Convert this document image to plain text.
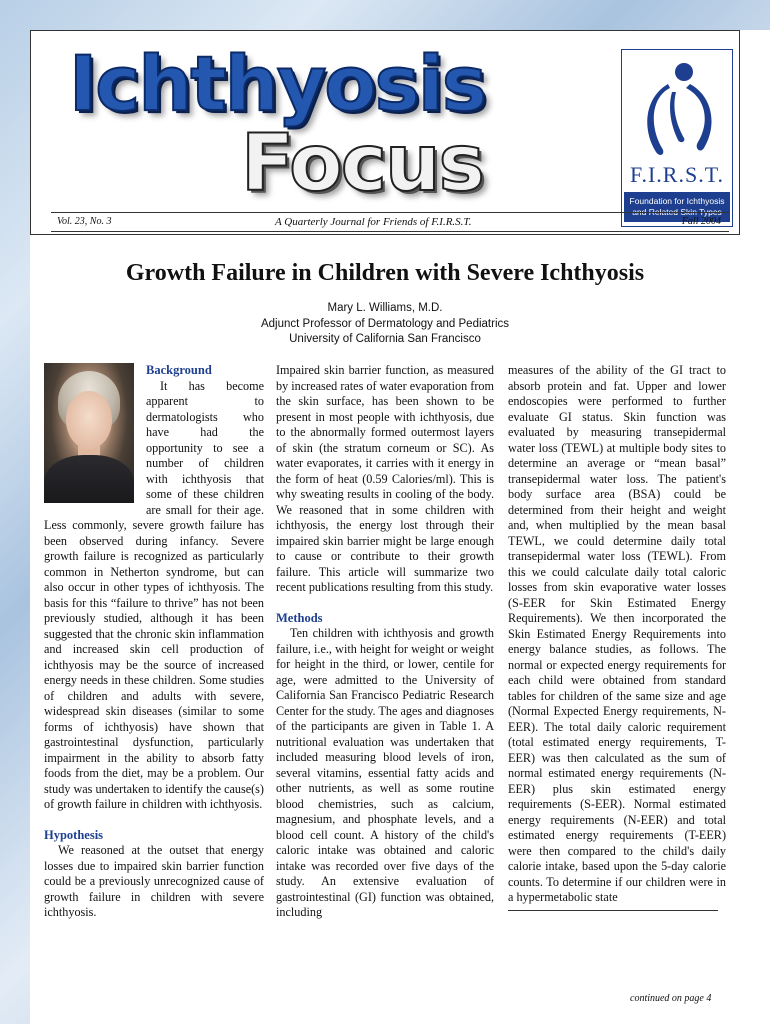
Ichthyosis
Focus	F.I.R.S.T.
Foundation for Ichthyosis
and Related Skin Types
Vol. 23, No. 3	A Quarterly Journal for Friends of F.I.R.S.T.	Fall 2004
Growth Failure in Children with Severe Ichthyosis
Mary L. Williams, M.D.
Adjunct Professor of Dermatology and Pediatrics
University of California San Francisco
Background

It has become apparent to dermatologists who have had the opportunity to see a number of children with ichthyosis that some of these children are small for their age. Less commonly, severe growth failure has been observed during infancy. Severe growth failure is recognized as particularly common in Netherton syndrome, but can also occur in other types of ichthyosis. The basis for this “failure to thrive” has not been previously studied, although it has been suggested that the chronic skin inflammation and increased skin cell production of ichthyosis may be the source of increased energy needs in these children. Some studies of children and adults with severe, widespread skin diseases (similar to some forms of ichthyosis) have shown that gastrointestinal dysfunction, particularly impairment in the ability to absorb fatty foods from the diet, may be a problem. Our study was undertaken to identify the cause(s) of growth failure in children with ichthyosis.

Hypothesis

We reasoned at the outset that energy losses due to impaired skin barrier function could be a previously unrecognized cause of growth failure in children with severe ichthyosis.

Impaired skin barrier function, as measured by increased rates of water evaporation from the skin surface, has been shown to be present in most people with ichthyosis, due to the abnormally formed outermost layers of skin (the stratum corneum or SC). As water evaporates, it carries with it energy in the form of heat (0.59 Calories/ml). This is why sweating results in cooling of the body. We reasoned that in some children with ichthyosis, the energy lost through their impaired skin barrier might be large enough to cause or contribute to their growth failure. This article will summarize two recent publications resulting from this study.

Methods

Ten children with ichthyosis and growth failure, i.e., with height for weight or weight for height in the third, or lower, centile for age, were admitted to the University of California San Francisco Pediatric Research Center for the study. The ages and diagnoses of the participants are given in Table 1. A nutritional evaluation was undertaken that included measuring blood levels of iron, several vitamins, essential fatty acids and other nutrients, as well as some routine blood chemistries, such as calcium, magnesium, and phosphate levels, and a blood cell count. A history of the child's caloric intake was obtained and caloric intake was recorded over five days of the study. An extensive evaluation of gastrointestinal (GI) function was obtained, including

measures of the ability of the GI tract to absorb protein and fat. Upper and lower endoscopies were performed to further evaluate GI status. Skin function was evaluated by measuring transepidermal water loss (TEWL) at multiple body sites to determine an average or “mean basal” transepidermal water loss. The patient's body surface area (BSA) could be determined from their height and weight and, when multiplied by the mean basal TEWL, we could determine daily total transepidermal water loss (TEWL). From this we could calculate daily total caloric losses from skin evaporative water losses (S-EER for Skin Estimated Energy Requirements). We then incorporated the Skin Estimated Energy Requirements into energy balance studies, as follows. The normal or expected energy requirements for each child were obtained from standard tables for children of the same size and age (Normal Expected Energy requirements, N-EER). The total daily caloric requirement (total estimated energy requirements, T-EER) was then calculated as the sum of normal estimated energy requirements (N-EER) plus skin estimated energy requirements (S-EER). Normal estimated energy requirements (N-EER) and total estimated energy requirements (T-EER) were then compared to the child's daily calorie intake, based upon the 5-day calorie counts. To determine if our children were in a hypermetabolic state

continued on page 4
